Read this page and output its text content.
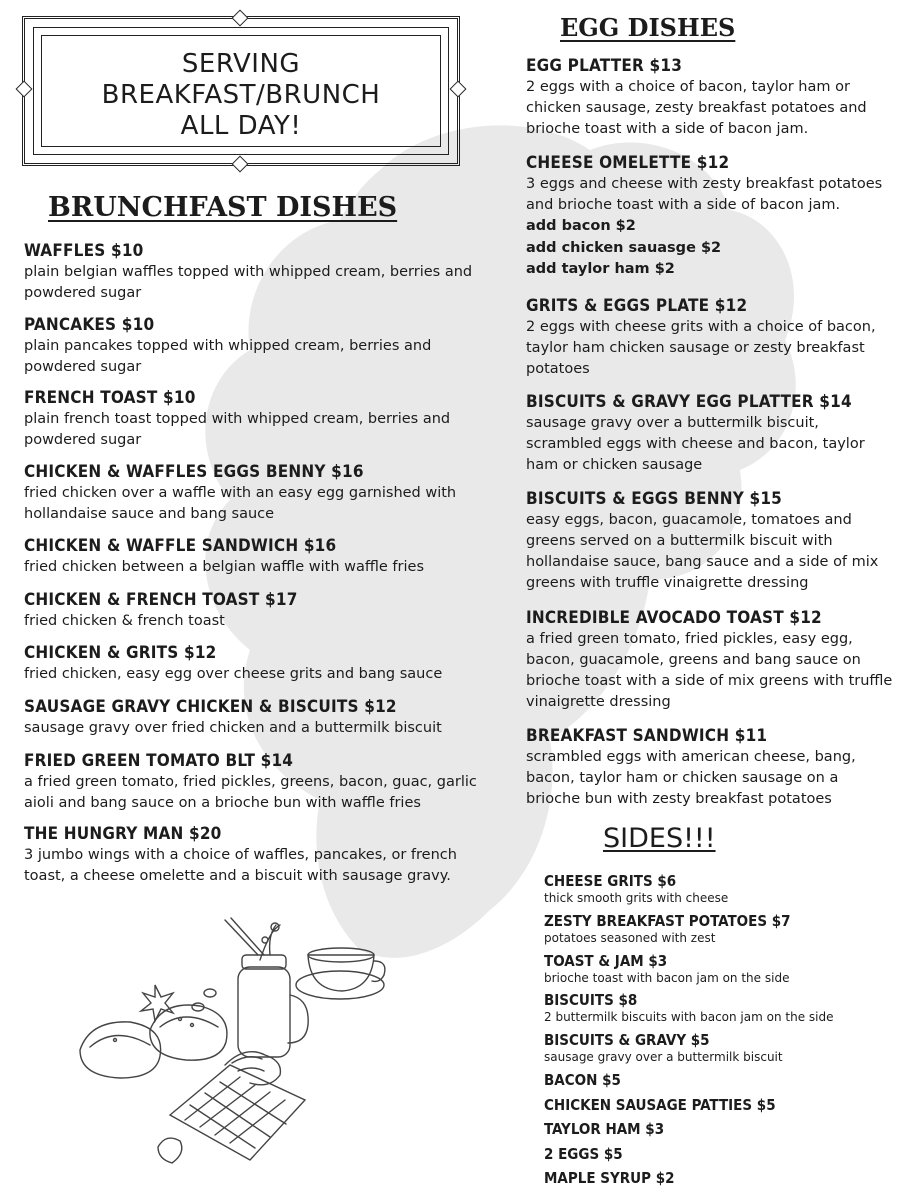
SERVING
BREAKFAST/BRUNCH
ALL DAY!
BRUNCHFAST DISHES
WAFFLES $10
plain belgian waffles topped with whipped cream, berries and powdered sugar
PANCAKES $10
plain pancakes topped with whipped cream, berries and powdered sugar
FRENCH TOAST $10
plain french toast topped with whipped cream, berries and powdered sugar
CHICKEN & WAFFLES EGGS BENNY $16
fried chicken over a waffle with an easy egg garnished with hollandaise sauce and bang sauce
CHICKEN & WAFFLE SANDWICH $16
fried chicken between a belgian waffle with waffle fries
CHICKEN & FRENCH TOAST $17
fried chicken & french toast
CHICKEN & GRITS $12
fried chicken, easy egg over cheese grits and bang sauce
SAUSAGE GRAVY CHICKEN & BISCUITS $12
sausage gravy over fried chicken and a buttermilk biscuit
FRIED GREEN TOMATO BLT $14
a fried green tomato, fried pickles, greens, bacon, guac, garlic aioli and bang sauce on a brioche bun with waffle fries
THE HUNGRY MAN $20
3 jumbo wings with a choice of waffles, pancakes, or french toast, a cheese omelette and a biscuit with sausage gravy.
EGG DISHES
EGG PLATTER $13
2 eggs with a choice of bacon, taylor ham or chicken sausage, zesty breakfast potatoes and brioche toast with a side of bacon jam.
CHEESE OMELETTE $12
3 eggs and cheese with zesty breakfast potatoes and brioche toast with a side of bacon jam.
add bacon $2
add chicken sauasge $2
add taylor ham $2
GRITS & EGGS PLATE $12
2 eggs with cheese grits with a choice of bacon, taylor ham chicken sausage or zesty breakfast potatoes
BISCUITS & GRAVY EGG PLATTER $14
sausage gravy over a buttermilk biscuit, scrambled eggs with cheese and bacon, taylor ham or chicken sausage
BISCUITS & EGGS BENNY $15
easy eggs, bacon, guacamole, tomatoes and greens served on a buttermilk biscuit with hollandaise sauce, bang sauce and a side of mix greens with truffle vinaigrette dressing
INCREDIBLE AVOCADO TOAST $12
a fried green tomato, fried pickles, easy egg, bacon, guacamole, greens and bang sauce on brioche toast with a side of mix greens with truffle vinaigrette dressing
BREAKFAST SANDWICH $11
scrambled eggs with american cheese, bang, bacon, taylor ham or chicken sausage on a brioche bun with zesty breakfast potatoes
SIDES!!!
CHEESE GRITS $6
thick smooth grits with cheese
ZESTY BREAKFAST POTATOES $7
potatoes seasoned with zest
TOAST & JAM $3
brioche toast with bacon jam on the side
BISCUITS $8
2 buttermilk biscuits with bacon jam on the side
BISCUITS & GRAVY $5
sausage gravy over a buttermilk biscuit
BACON $5
CHICKEN SAUSAGE PATTIES $5
TAYLOR HAM $3
2 EGGS $5
MAPLE SYRUP $2
